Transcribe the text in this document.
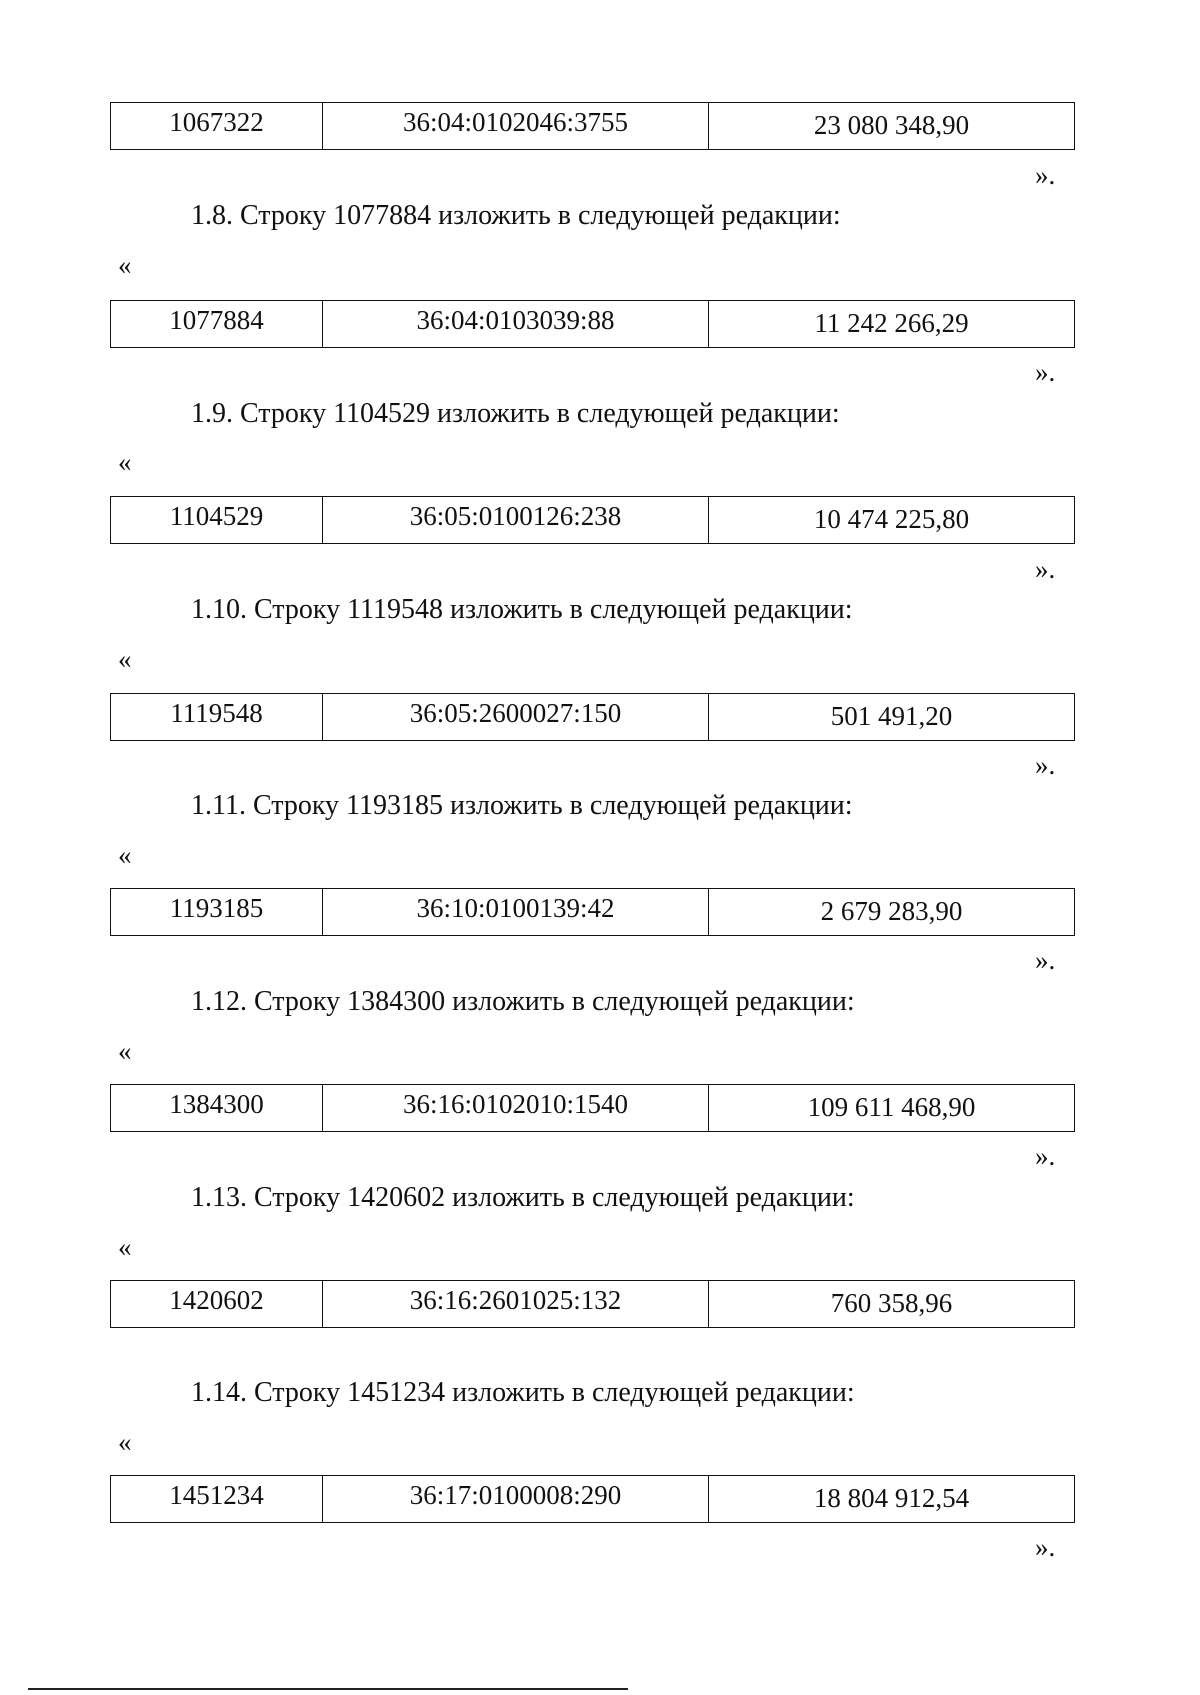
1067322	36:04:0102046:3755	23 080 348,90
».
1.8. Строку 1077884 изложить в следующей редакции:
«
1077884	36:04:0103039:88	11 242 266,29
».
1.9. Строку 1104529 изложить в следующей редакции:
«
1104529	36:05:0100126:238	10 474 225,80
».
1.10. Строку 1119548 изложить в следующей редакции:
«
1119548	36:05:2600027:150	501 491,20
».
1.11. Строку 1193185 изложить в следующей редакции:
«
1193185	36:10:0100139:42	2 679 283,90
».
1.12. Строку 1384300 изложить в следующей редакции:
«
1384300	36:16:0102010:1540	109 611 468,90
».
1.13. Строку 1420602 изложить в следующей редакции:
«
1420602	36:16:2601025:132	760 358,96
1.14. Строку 1451234 изложить в следующей редакции:
«
1451234	36:17:0100008:290	18 804 912,54
».
